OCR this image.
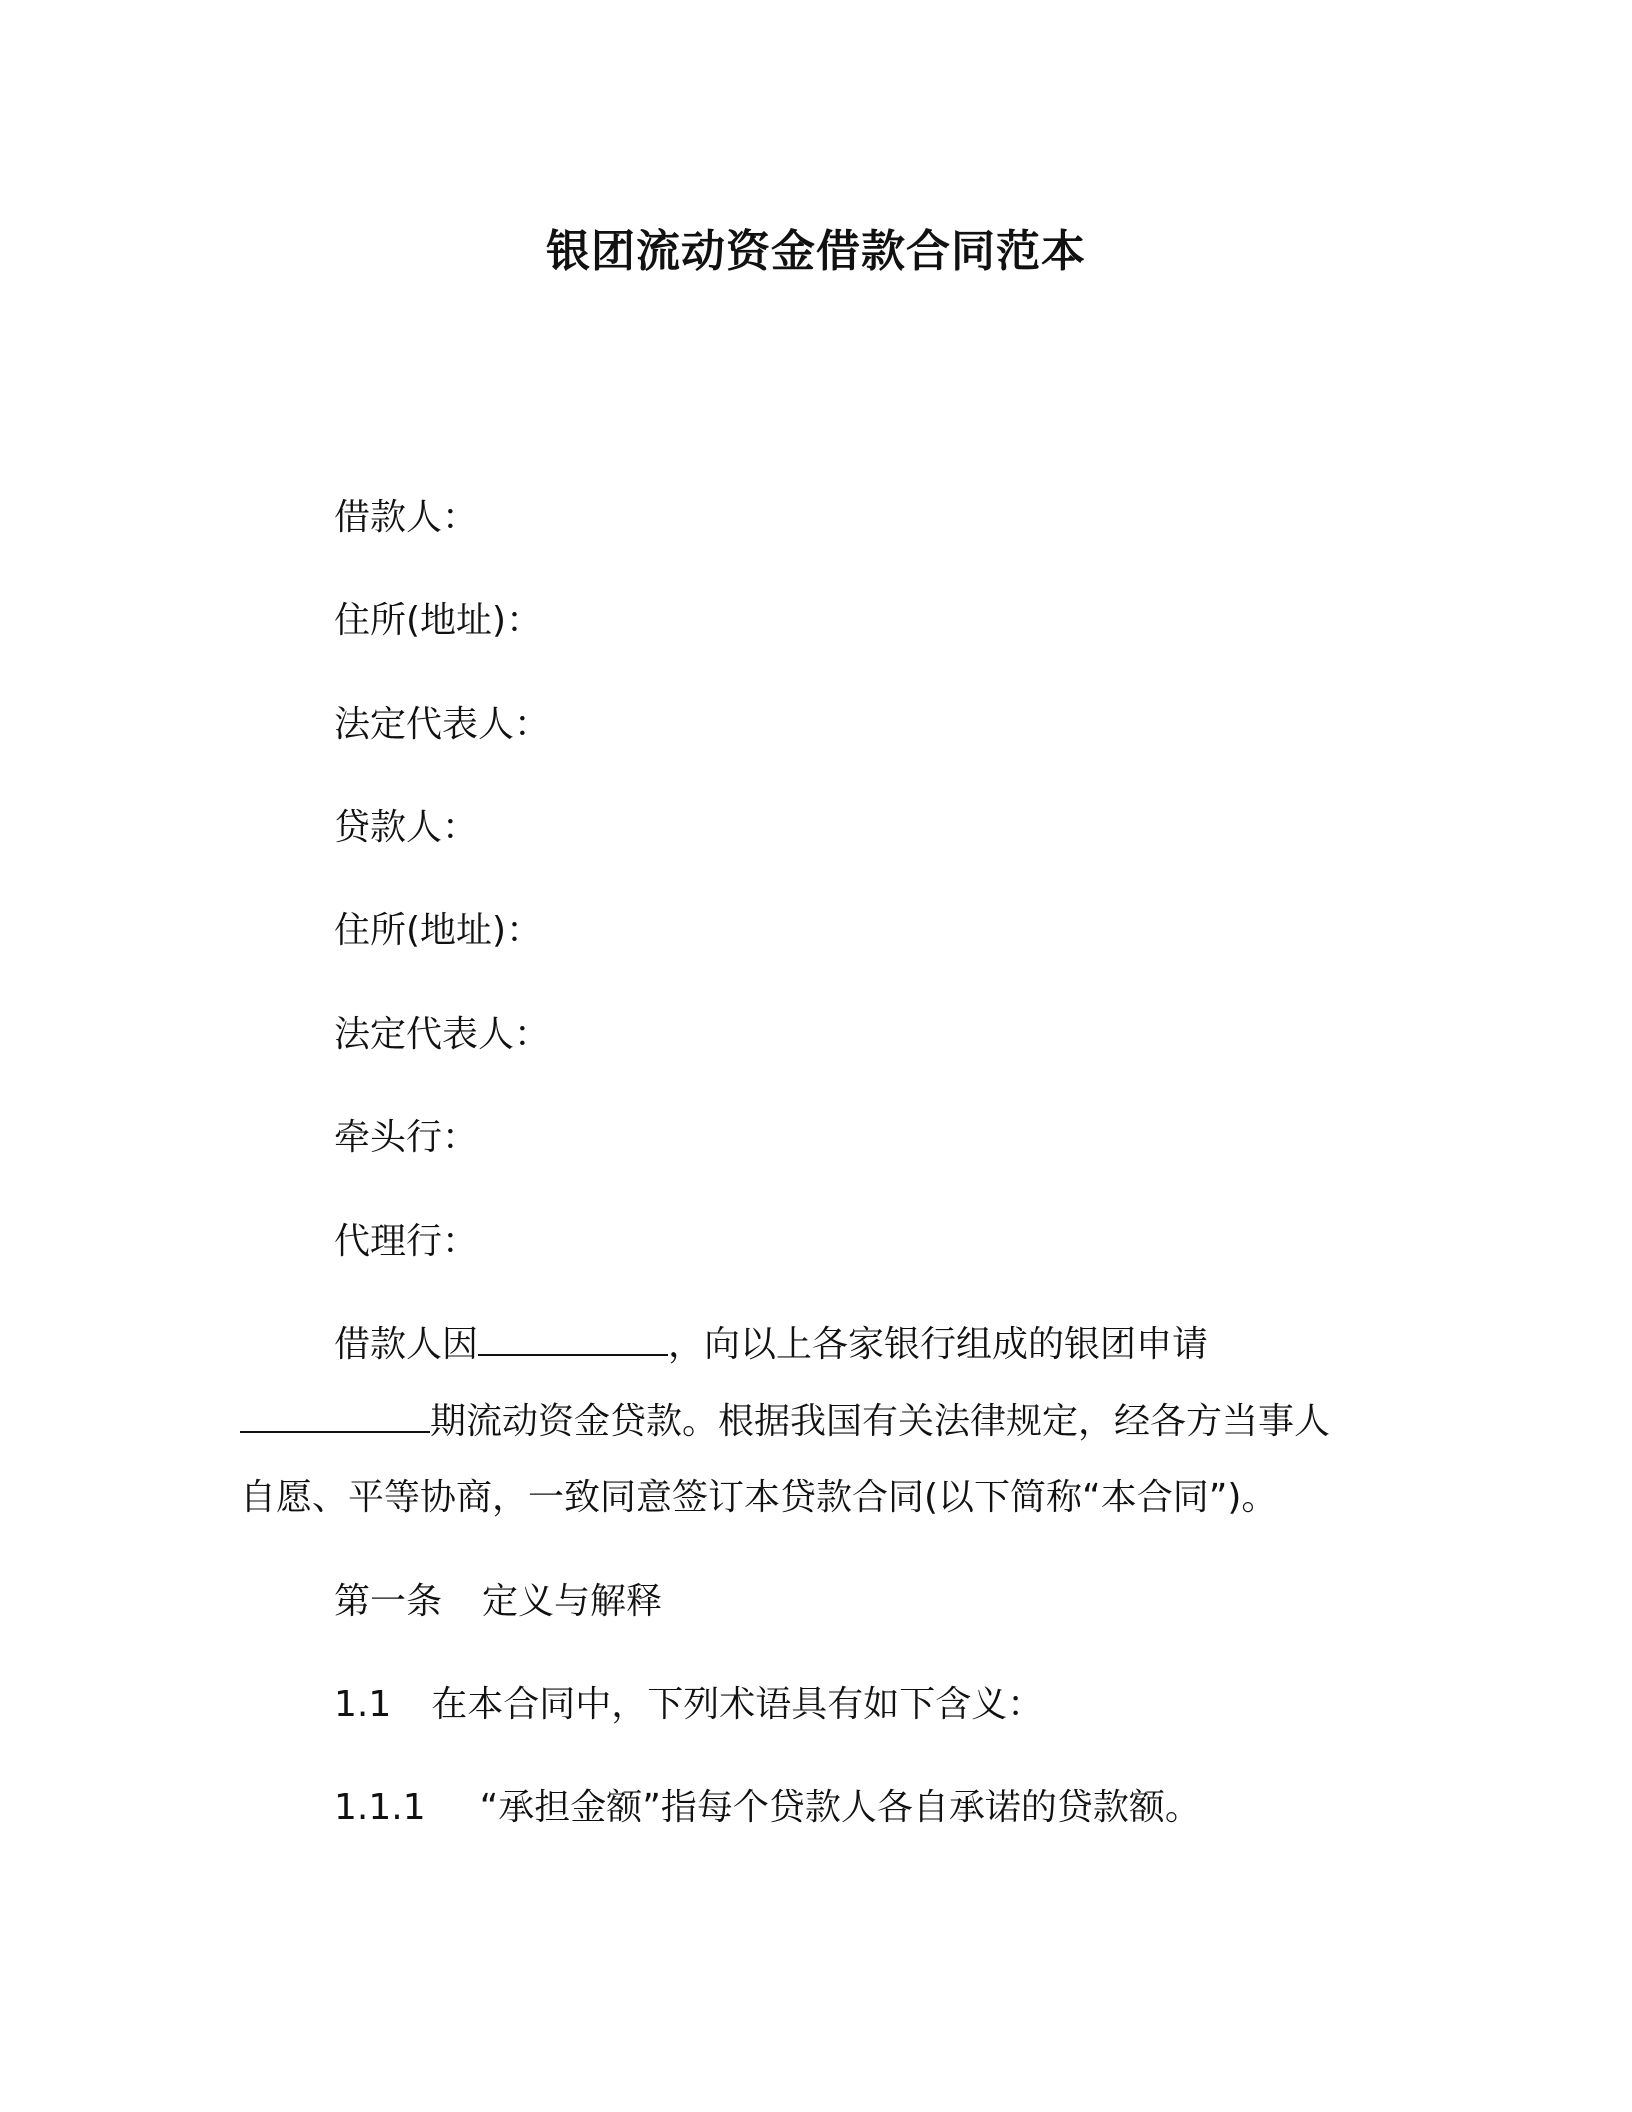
银团流动资金借款合同范本
借款人：
住所(地址)：
法定代表人：
贷款人：
住所(地址)：
法定代表人：
牵头行：
代理行：
借款人因	，向以上各家银行组成的银团申请
期流动资金贷款。根据我国有关法律规定，经各方当事人
自愿、平等协商，一致同意签订本贷款合同(以下简称“本合同”)。
第一条 定义与解释
1.1 在本合同中，下列术语具有如下含义：
1.1.1 “承担金额”指每个贷款人各自承诺的贷款额。
